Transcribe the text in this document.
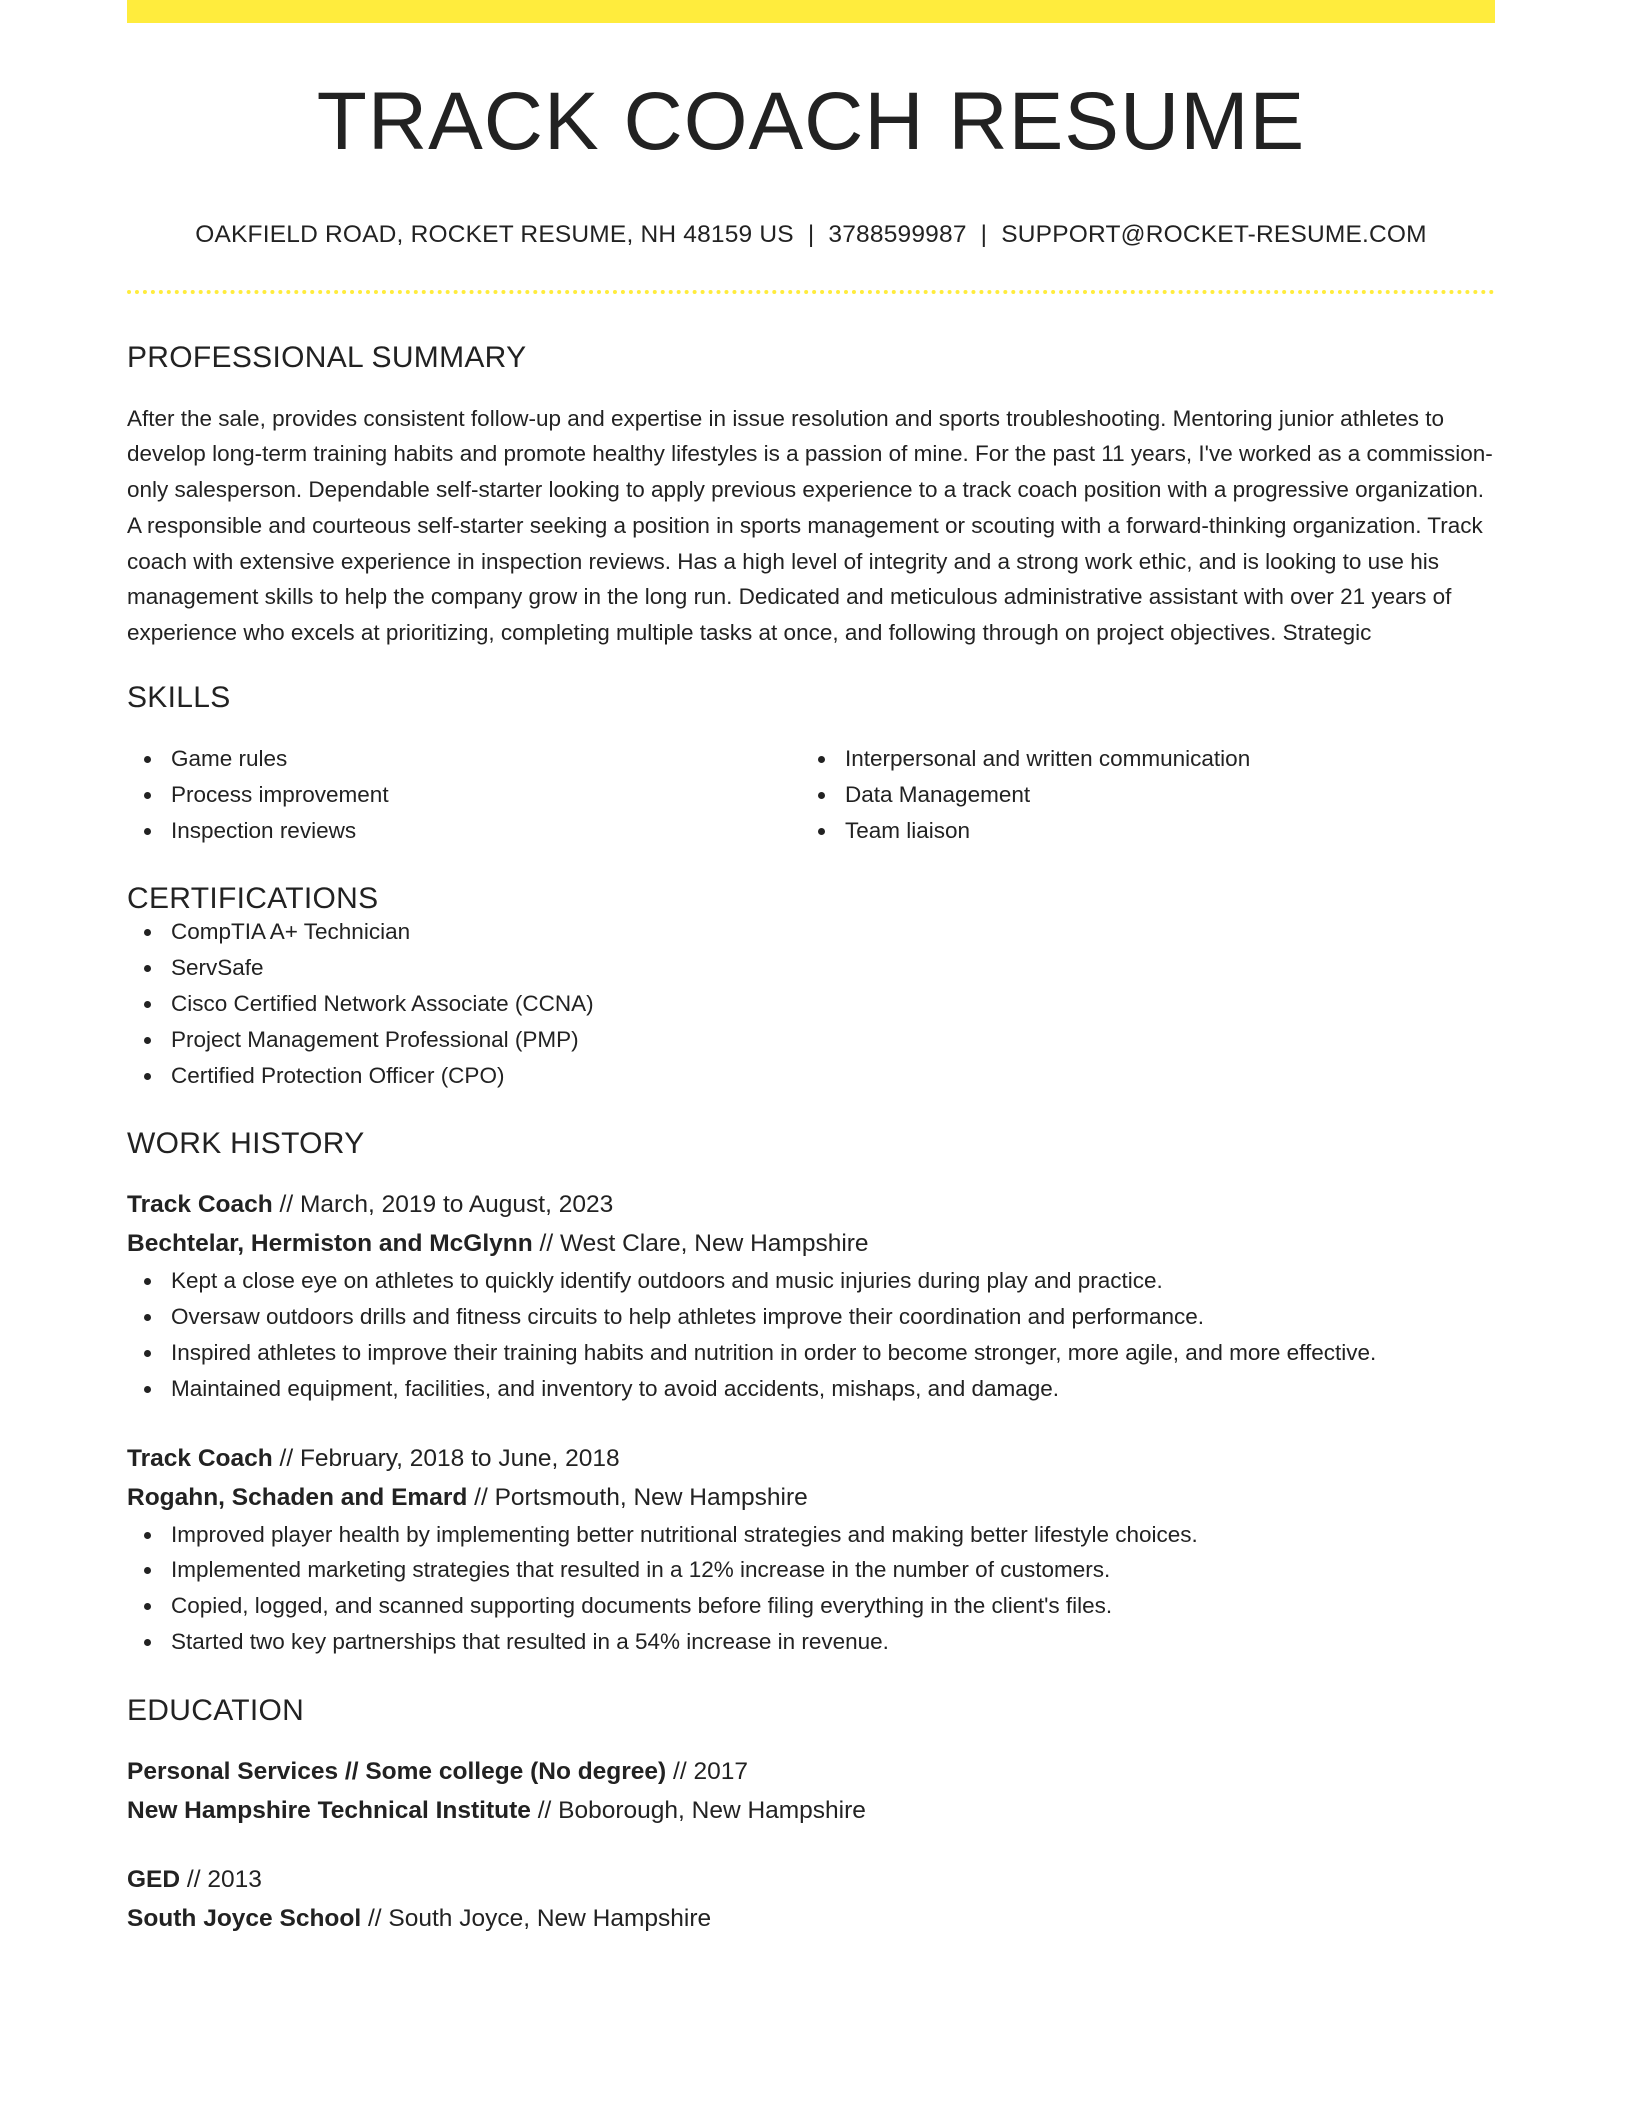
TRACK COACH RESUME
OAKFIELD ROAD, ROCKET RESUME, NH 48159 US | 3788599987 | SUPPORT@ROCKET-RESUME.COM
PROFESSIONAL SUMMARY

After the sale, provides consistent follow-up and expertise in issue resolution and sports troubleshooting. Mentoring junior athletes to develop long-term training habits and promote healthy lifestyles is a passion of mine. For the past 11 years, I've worked as a commission-only salesperson. Dependable self-starter looking to apply previous experience to a track coach position with a progressive organization. A responsible and courteous self-starter seeking a position in sports management or scouting with a forward-thinking organization. Track coach with extensive experience in inspection reviews. Has a high level of integrity and a strong work ethic, and is looking to use his management skills to help the company grow in the long run. Dedicated and meticulous administrative assistant with over 21 years of experience who excels at prioritizing, completing multiple tasks at once, and following through on project objectives. Strategic

SKILLS
Game rules
Process improvement
Inspection reviews
Interpersonal and written communication
Data Management
Team liaison
CERTIFICATIONS
CompTIA A+ Technician
ServSafe
Cisco Certified Network Associate (CCNA)
Project Management Professional (PMP)
Certified Protection Officer (CPO)
WORK HISTORY
Track Coach // March, 2019 to August, 2023
Bechtelar, Hermiston and McGlynn // West Clare, New Hampshire
Kept a close eye on athletes to quickly identify outdoors and music injuries during play and practice.
Oversaw outdoors drills and fitness circuits to help athletes improve their coordination and performance.
Inspired athletes to improve their training habits and nutrition in order to become stronger, more agile, and more effective.
Maintained equipment, facilities, and inventory to avoid accidents, mishaps, and damage.
Track Coach // February, 2018 to June, 2018
Rogahn, Schaden and Emard // Portsmouth, New Hampshire
Improved player health by implementing better nutritional strategies and making better lifestyle choices.
Implemented marketing strategies that resulted in a 12% increase in the number of customers.
Copied, logged, and scanned supporting documents before filing everything in the client's files.
Started two key partnerships that resulted in a 54% increase in revenue.
EDUCATION
Personal Services // Some college (No degree) // 2017
New Hampshire Technical Institute // Boborough, New Hampshire
GED // 2013
South Joyce School // South Joyce, New Hampshire
